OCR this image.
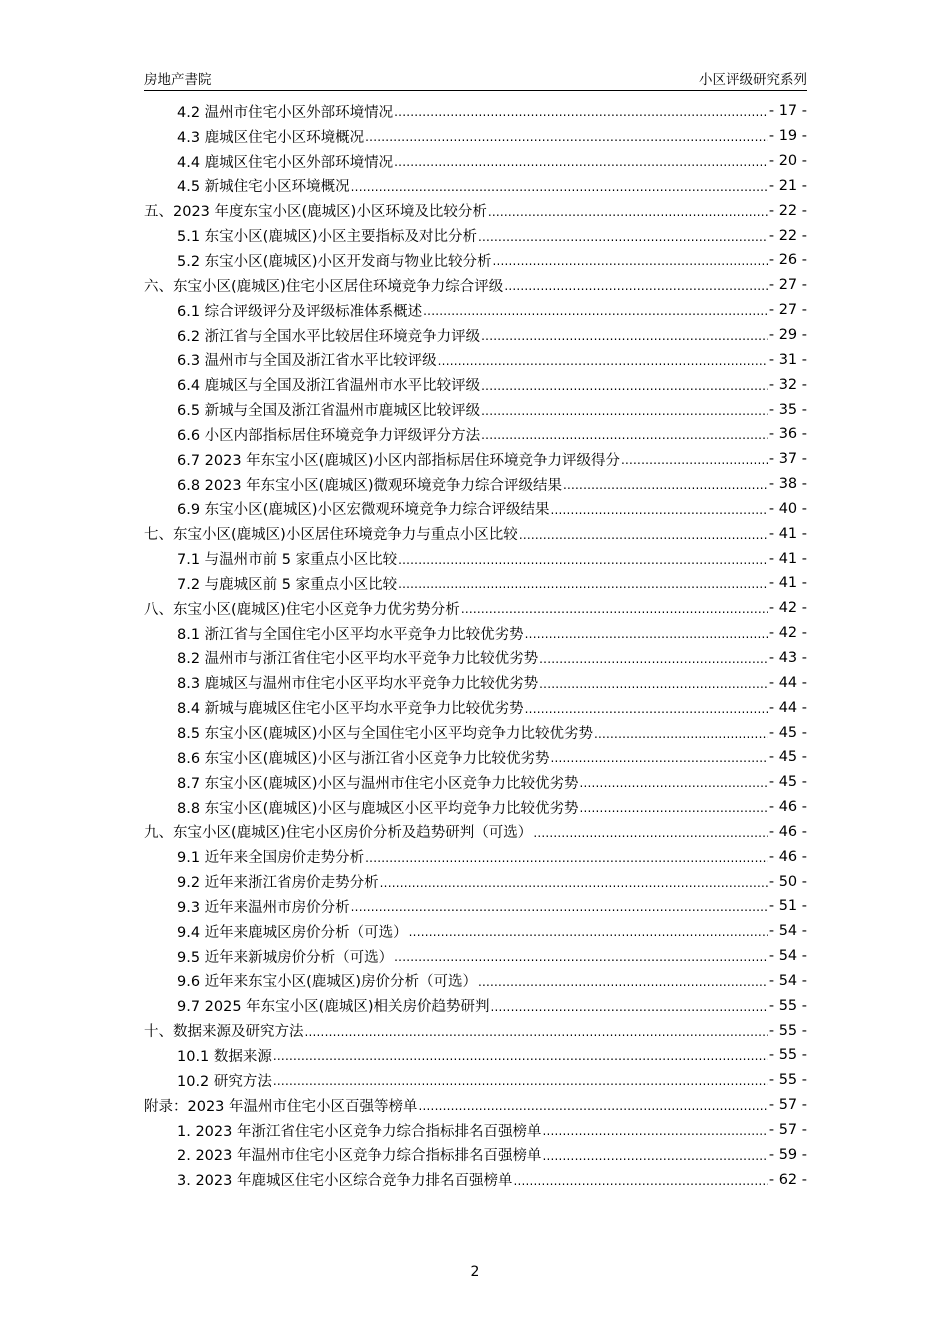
房地产書院	小区评级研究系列
4.2 温州市住宅小区外部环境情况 .....	- 17 -
4.3 鹿城区住宅小区环境概况 .....	- 19 -
4.4 鹿城区住宅小区外部环境情况 .....	- 20 -
4.5 新城住宅小区环境概况 .....	- 21 -
五、2023 年度东宝小区(鹿城区)小区环境及比较分析 .....	- 22 -
5.1 东宝小区(鹿城区)小区主要指标及对比分析 .....	- 22 -
5.2 东宝小区(鹿城区)小区开发商与物业比较分析 .....	- 26 -
六、东宝小区(鹿城区)住宅小区居住环境竞争力综合评级 .....	- 27 -
6.1 综合评级评分及评级标准体系概述 .....	- 27 -
6.2 浙江省与全国水平比较居住环境竞争力评级 .....	- 29 -
6.3 温州市与全国及浙江省水平比较评级 .....	- 31 -
6.4 鹿城区与全国及浙江省温州市水平比较评级 .....	- 32 -
6.5 新城与全国及浙江省温州市鹿城区比较评级 .....	- 35 -
6.6 小区内部指标居住环境竞争力评级评分方法 .....	- 36 -
6.7 2023 年东宝小区(鹿城区)小区内部指标居住环境竞争力评级得分 .....	- 37 -
6.8 2023 年东宝小区(鹿城区)微观环境竞争力综合评级结果 .....	- 38 -
6.9 东宝小区(鹿城区)小区宏微观环境竞争力综合评级结果 .....	- 40 -
七、东宝小区(鹿城区)小区居住环境竞争力与重点小区比较 .....	- 41 -
7.1 与温州市前 5 家重点小区比较 .....	- 41 -
7.2 与鹿城区前 5 家重点小区比较 .....	- 41 -
八、东宝小区(鹿城区)住宅小区竞争力优劣势分析 .....	- 42 -
8.1 浙江省与全国住宅小区平均水平竞争力比较优劣势 .....	- 42 -
8.2 温州市与浙江省住宅小区平均水平竞争力比较优劣势 .....	- 43 -
8.3 鹿城区与温州市住宅小区平均水平竞争力比较优劣势 .....	- 44 -
8.4 新城与鹿城区住宅小区平均水平竞争力比较优劣势 .....	- 44 -
8.5 东宝小区(鹿城区)小区与全国住宅小区平均竞争力比较优劣势 .....	- 45 -
8.6 东宝小区(鹿城区)小区与浙江省小区竞争力比较优劣势 .....	- 45 -
8.7 东宝小区(鹿城区)小区与温州市住宅小区竞争力比较优劣势 .....	- 45 -
8.8 东宝小区(鹿城区)小区与鹿城区小区平均竞争力比较优劣势 .....	- 46 -
九、东宝小区(鹿城区)住宅小区房价分析及趋势研判（可选） .....	- 46 -
9.1 近年来全国房价走势分析 .....	- 46 -
9.2 近年来浙江省房价走势分析 .....	- 50 -
9.3 近年来温州市房价分析 .....	- 51 -
9.4 近年来鹿城区房价分析（可选） .....	- 54 -
9.5 近年来新城房价分析（可选） .....	- 54 -
9.6 近年来东宝小区(鹿城区)房价分析（可选） .....	- 54 -
9.7 2025 年东宝小区(鹿城区)相关房价趋势研判 .....	- 55 -
十、数据来源及研究方法 .....	- 55 -
10.1 数据来源 .....	- 55 -
10.2 研究方法 .....	- 55 -
附录：2023 年温州市住宅小区百强等榜单 .....	- 57 -
1. 2023 年浙江省住宅小区竞争力综合指标排名百强榜单 .....	- 57 -
2. 2023 年温州市住宅小区竞争力综合指标排名百强榜单 .....	- 59 -
3. 2023 年鹿城区住宅小区综合竞争力排名百强榜单 .....	- 62 -
2
